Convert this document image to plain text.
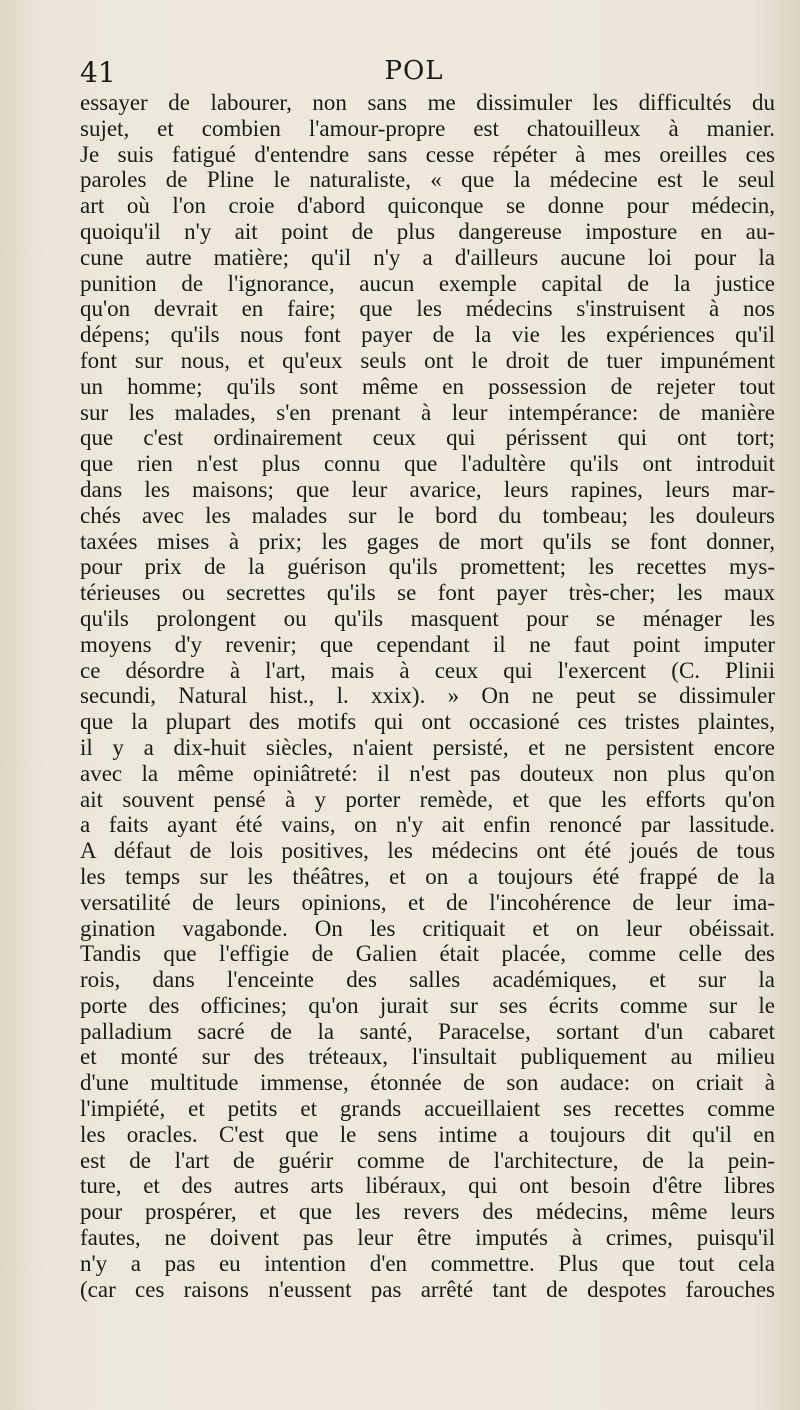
41	POL
essayer de labourer, non sans me dissimuler les difficultés du
sujet, et combien l'amour-propre est chatouilleux à manier.
Je suis fatigué d'entendre sans cesse répéter à mes oreilles ces
paroles de Pline le naturaliste, « que la médecine est le seul
art où l'on croie d'abord quiconque se donne pour médecin,
quoiqu'il n'y ait point de plus dangereuse imposture en au-
cune autre matière; qu'il n'y a d'ailleurs aucune loi pour la
punition de l'ignorance, aucun exemple capital de la justice
qu'on devrait en faire; que les médecins s'instruisent à nos
dépens; qu'ils nous font payer de la vie les expériences qu'il
font sur nous, et qu'eux seuls ont le droit de tuer impunément
un homme; qu'ils sont même en possession de rejeter tout
sur les malades, s'en prenant à leur intempérance: de manière
que c'est ordinairement ceux qui périssent qui ont tort;
que rien n'est plus connu que l'adultère qu'ils ont introduit
dans les maisons; que leur avarice, leurs rapines, leurs mar-
chés avec les malades sur le bord du tombeau; les douleurs
taxées mises à prix; les gages de mort qu'ils se font donner,
pour prix de la guérison qu'ils promettent; les recettes mys-
térieuses ou secrettes qu'ils se font payer très-cher; les maux
qu'ils prolongent ou qu'ils masquent pour se ménager les
moyens d'y revenir; que cependant il ne faut point imputer
ce désordre à l'art, mais à ceux qui l'exercent (C. Plinii
secundi, Natural hist., l. xxix). » On ne peut se dissimuler
que la plupart des motifs qui ont occasioné ces tristes plaintes,
il y a dix-huit siècles, n'aient persisté, et ne persistent encore
avec la même opiniâtreté: il n'est pas douteux non plus qu'on
ait souvent pensé à y porter remède, et que les efforts qu'on
a faits ayant été vains, on n'y ait enfin renoncé par lassitude.
A défaut de lois positives, les médecins ont été joués de tous
les temps sur les théâtres, et on a toujours été frappé de la
versatilité de leurs opinions, et de l'incohérence de leur ima-
gination vagabonde. On les critiquait et on leur obéissait.
Tandis que l'effigie de Galien était placée, comme celle des
rois, dans l'enceinte des salles académiques, et sur la
porte des officines; qu'on jurait sur ses écrits comme sur le
palladium sacré de la santé, Paracelse, sortant d'un cabaret
et monté sur des tréteaux, l'insultait publiquement au milieu
d'une multitude immense, étonnée de son audace: on criait à
l'impiété, et petits et grands accueillaient ses recettes comme
les oracles. C'est que le sens intime a toujours dit qu'il en
est de l'art de guérir comme de l'architecture, de la pein-
ture, et des autres arts libéraux, qui ont besoin d'être libres
pour prospérer, et que les revers des médecins, même leurs
fautes, ne doivent pas leur être imputés à crimes, puisqu'il
n'y a pas eu intention d'en commettre. Plus que tout cela
(car ces raisons n'eussent pas arrêté tant de despotes farouches
